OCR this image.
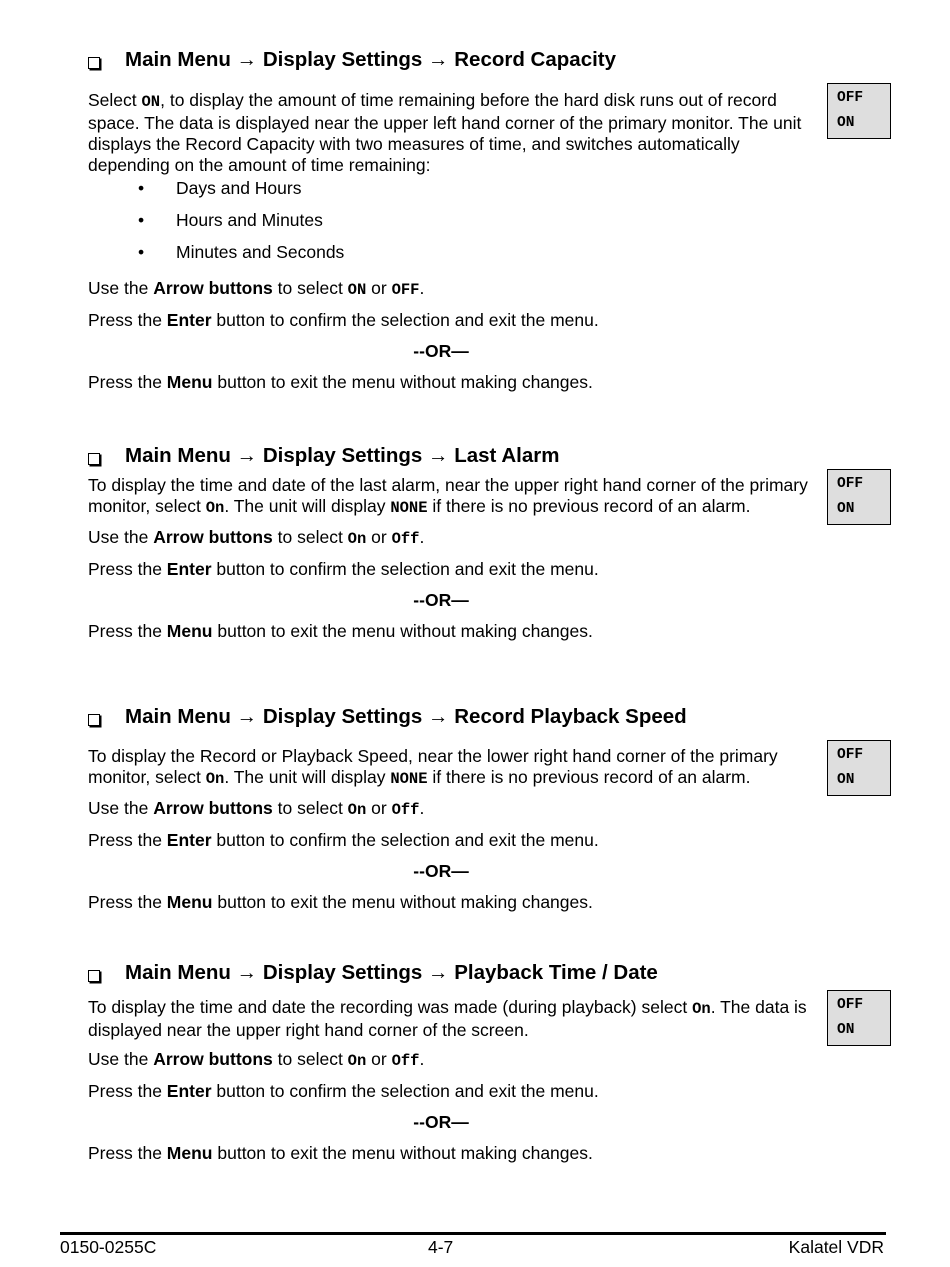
Main Menu → Display Settings → Record Capacity
OFF
ON

Select ON, to display the amount of time remaining before the hard disk runs out of record space. The data is displayed near the upper left hand corner of the primary monitor. The unit displays the Record Capacity with two measures of time, and switches automatically depending on the amount of time remaining:

• Days and Hours
• Hours and Minutes
• Minutes and Seconds

Use the Arrow buttons to select ON or OFF.

Press the Enter button to confirm the selection and exit the menu.

--OR—

Press the Menu button to exit the menu without making changes.

Main Menu → Display Settings → Last Alarm
OFF
ON

To display the time and date of the last alarm, near the upper right hand corner of the primary monitor, select On. The unit will display NONE if there is no previous record of an alarm.

Use the Arrow buttons to select On or Off.

Press the Enter button to confirm the selection and exit the menu.

--OR—

Press the Menu button to exit the menu without making changes.

Main Menu → Display Settings → Record Playback Speed
OFF
ON

To display the Record or Playback Speed, near the lower right hand corner of the primary monitor, select On. The unit will display NONE if there is no previous record of an alarm.

Use the Arrow buttons to select On or Off.

Press the Enter button to confirm the selection and exit the menu.

--OR—

Press the Menu button to exit the menu without making changes.

Main Menu → Display Settings → Playback Time / Date
OFF
ON

To display the time and date the recording was made (during playback) select On. The data is displayed near the upper right hand corner of the screen.

Use the Arrow buttons to select On or Off.

Press the Enter button to confirm the selection and exit the menu.

--OR—

Press the Menu button to exit the menu without making changes.

0150-0255C	4-7	Kalatel VDR
